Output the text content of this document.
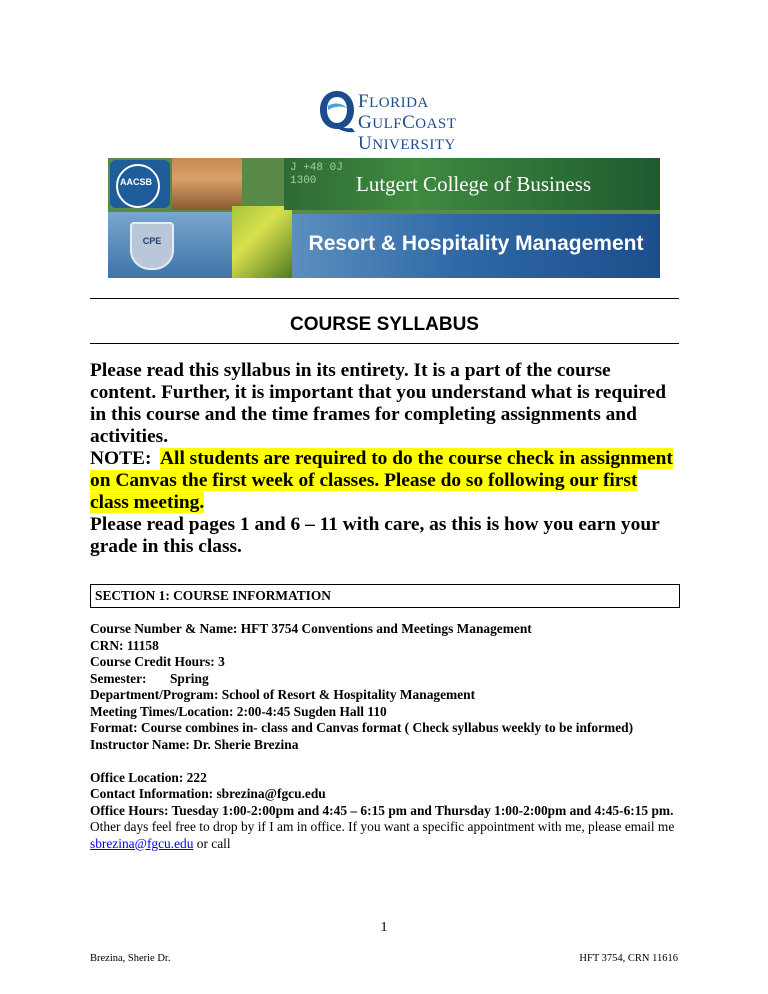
FLORIDA
GULFCOAST
UNIVERSITY
AACSB
CPE
J +48 0J
1300	Lutgert College of Business
Resort & Hospitality Management
COURSE SYLLABUS

Please read this syllabus in its entirety. It is a part of the course content. Further, it is important that you understand what is required in this course and the time frames for completing assignments and activities.

NOTE: All students are required to do the course check in assignment on Canvas the first week of classes. Please do so following our first class meeting.

Please read pages 1 and 6 – 11 with care, as this is how you earn your grade in this class.

SECTION 1: COURSE INFORMATION
Course Number & Name: HFT 3754 Conventions and Meetings Management
CRN: 11158
Course Credit Hours: 3
Semester:       Spring
Department/Program: School of Resort & Hospitality Management
Meeting Times/Location: 2:00-4:45 Sugden Hall 110
Format: Course combines in- class and Canvas format ( Check syllabus weekly to be informed)
Instructor Name: Dr. Sherie Brezina
Office Location: 222
Contact Information: sbrezina@fgcu.edu
Office Hours: Tuesday 1:00-2:00pm and 4:45 – 6:15 pm and Thursday 1:00-2:00pm and 4:45-6:15 pm.
Other days feel free to drop by if I am in office. If you want a specific appointment with me, please email me sbrezina@fgcu.edu or call
1
Brezina, Sherie Dr.	HFT 3754, CRN 11616
